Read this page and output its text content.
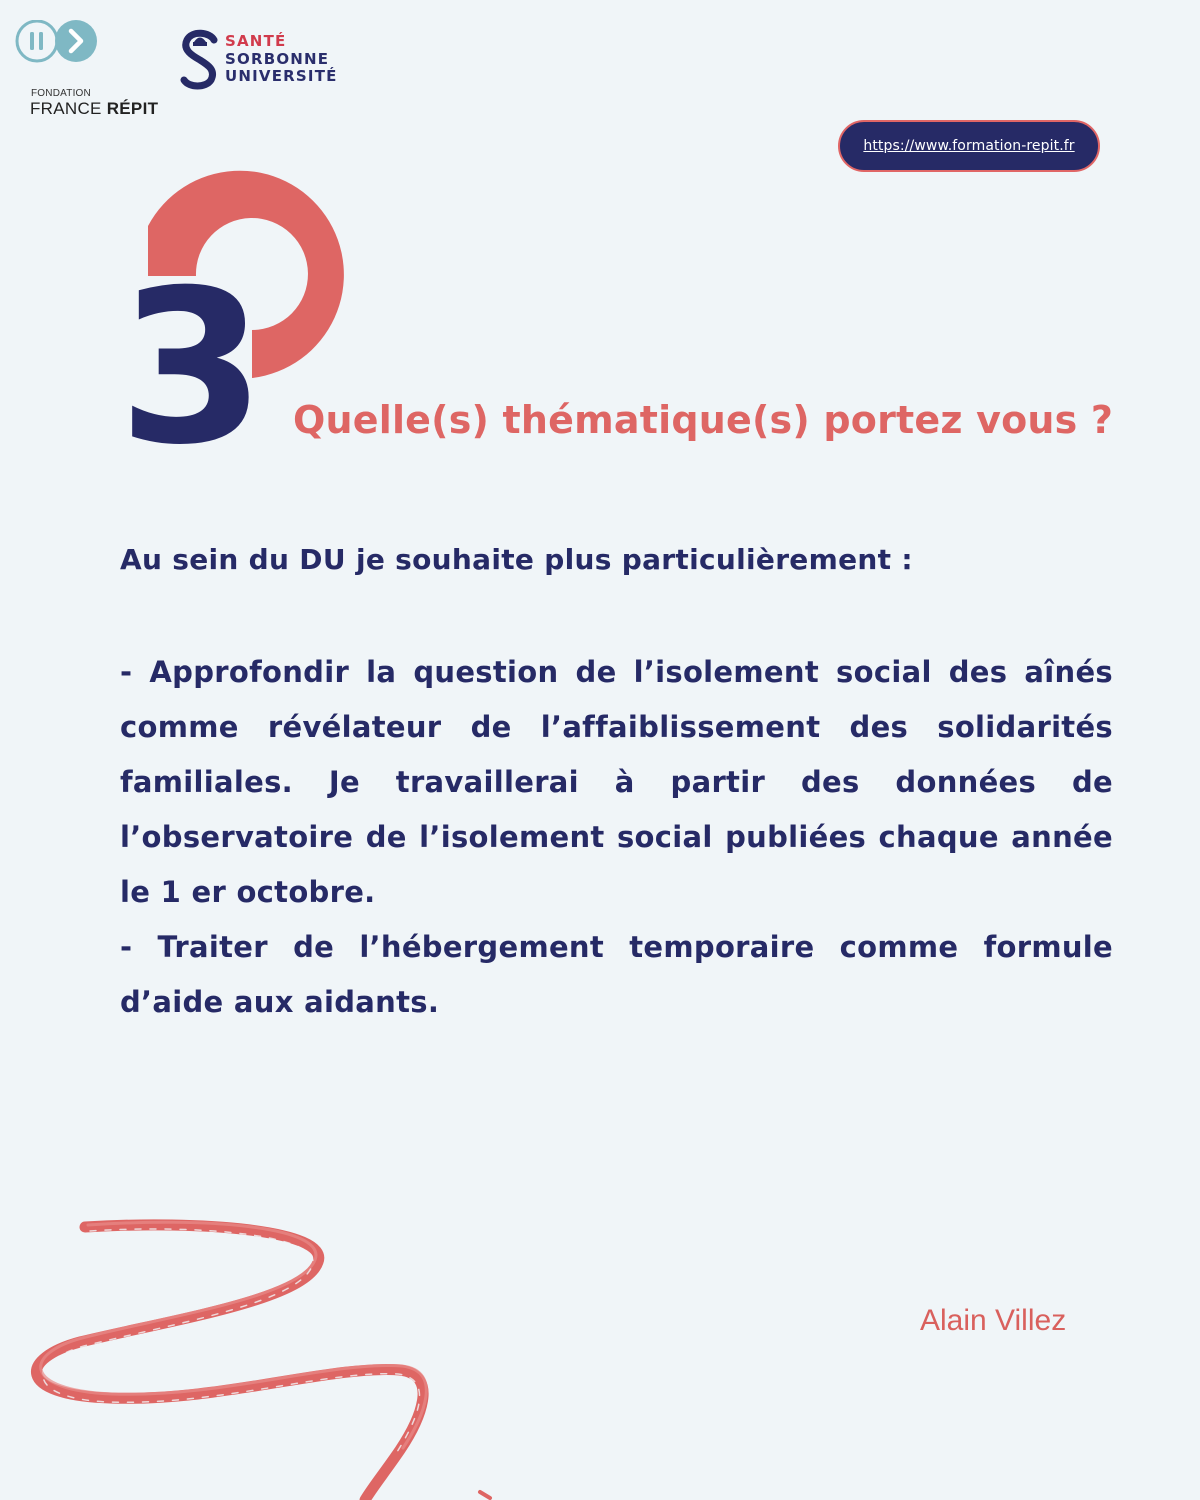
FONDATION
FRANCE RÉPIT
SANTÉ
SORBONNE
UNIVERSITÉ
https://www.formation-repit.fr
3 Quelle(s) thématique(s) portez vous ?
Au sein du DU je souhaite plus particulièrement :

- Approfondir la question de l’isolement social des aînés comme révélateur de l’affaiblissement des solidarités familiales. Je travaillerai à partir des données de l’observatoire de l’isolement social publiées chaque année le 1 er octobre.

- Traiter de l’hébergement temporaire comme formule d’aide aux aidants.

Alain Villez
